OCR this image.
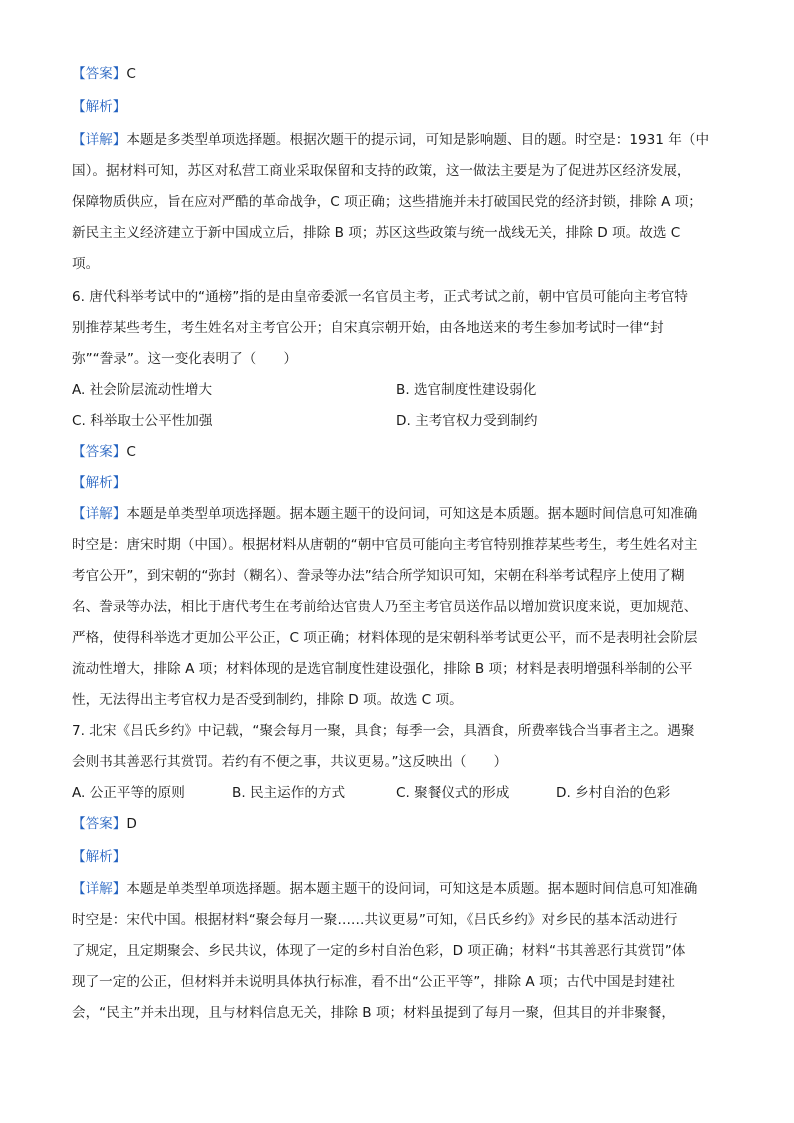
【答案】C
【解析】
【详解】本题是多类型单项选择题。根据次题干的提示词，可知是影响题、目的题。时空是：1931 年（中
国）。据材料可知，苏区对私营工商业采取保留和支持的政策，这一做法主要是为了促进苏区经济发展，
保障物质供应，旨在应对严酷的革命战争，C 项正确；这些措施并未打破国民党的经济封锁，排除 A 项；
新民主主义经济建立于新中国成立后，排除 B 项；苏区这些政策与统一战线无关，排除 D 项。故选 C
项。
6. 唐代科举考试中的“通榜”指的是由皇帝委派一名官员主考，正式考试之前，朝中官员可能向主考官特
别推荐某些考生，考生姓名对主考官公开；自宋真宗朝开始，由各地送来的考生参加考试时一律“封
弥”“誊录”。这一变化表明了（　　）
A. 社会阶层流动性增大	B. 选官制度性建设弱化
C. 科举取士公平性加强	D. 主考官权力受到制约
【答案】C
【解析】
【详解】本题是单类型单项选择题。据本题主题干的设问词，可知这是本质题。据本题时间信息可知准确
时空是：唐宋时期（中国）。根据材料从唐朝的“朝中官员可能向主考官特别推荐某些考生，考生姓名对主
考官公开”，到宋朝的“弥封（糊名）、誊录等办法”结合所学知识可知，宋朝在科举考试程序上使用了糊
名、誊录等办法，相比于唐代考生在考前给达官贵人乃至主考官员送作品以增加赏识度来说，更加规范、
严格，使得科举选才更加公平公正，C 项正确；材料体现的是宋朝科举考试更公平，而不是表明社会阶层
流动性增大，排除 A 项；材料体现的是选官制度性建设强化，排除 B 项；材料是表明增强科举制的公平
性，无法得出主考官权力是否受到制约，排除 D 项。故选 C 项。
7. 北宋《吕氏乡约》中记载，“聚会每月一聚，具食；每季一会，具酒食，所费率钱合当事者主之。遇聚
会则书其善恶行其赏罚。若约有不便之事，共议更易。”这反映出（　　）
A. 公正平等的原则	B. 民主运作的方式	C. 聚餐仪式的形成	D. 乡村自治的色彩
【答案】D
【解析】
【详解】本题是单类型单项选择题。据本题主题干的设问词，可知这是本质题。据本题时间信息可知准确
时空是：宋代中国。根据材料“聚会每月一聚……共议更易”可知，《吕氏乡约》对乡民的基本活动进行
了规定，且定期聚会、乡民共议，体现了一定的乡村自治色彩，D 项正确；材料“书其善恶行其赏罚”体
现了一定的公正，但材料并未说明具体执行标准，看不出“公正平等”，排除 A 项；古代中国是封建社
会，“民主”并未出现，且与材料信息无关，排除 B 项；材料虽提到了每月一聚，但其目的并非聚餐，
